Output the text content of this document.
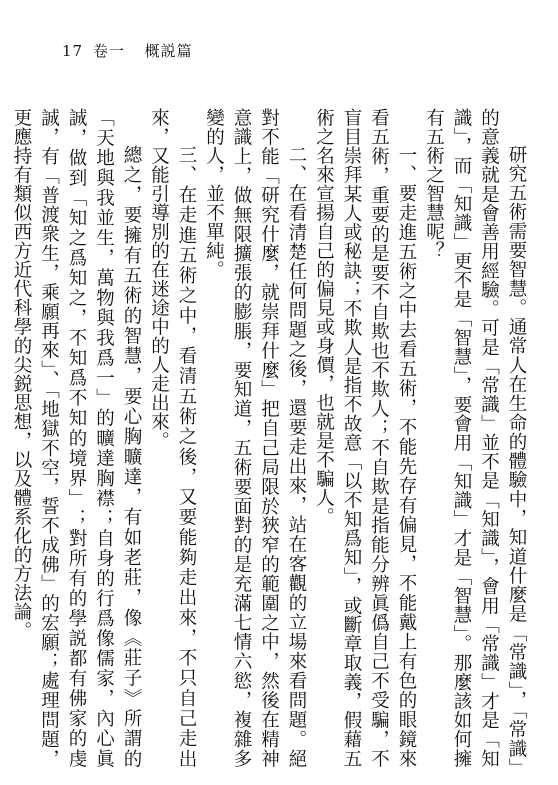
17 卷一 概説篇

研究五術需要智慧。通常人在生命的體驗中，知道什麼是「常識」，「常識」的意義就是會善用經驗。可是「常識」並不是「知識」，會用「常識」才是「知識」，而「知識」更不是「智慧」，要會用「知識」才是「智慧」。那麼該如何擁有五術之智慧呢？

一、要走進五術之中去看五術，不能先存有偏見，不能戴上有色的眼鏡來看五術，重要的是要不自欺也不欺人；不自欺是指能分辨眞僞自己不受騙，不盲目崇拜某人或秘訣；不欺人是指不故意「以不知爲知」，或斷章取義，假藉五術之名來宣揚自己的偏見或身價，也就是不騙人。

二、在看清楚任何問題之後，還要走出來，站在客觀的立場來看問題。絕對不能「研究什麼，就崇拜什麼」把自己局限於狹窄的範圍之中，然後在精神意識上，做無限擴張的膨脹，要知道，五術要面對的是充滿七情六慾，複雜多變的人，並不單純。

三、在走進五術之中，看清五術之後，又要能夠走出來，不只自己走出來，又能引導別的在迷途中的人走出來。

總之，要擁有五術的智慧，要心胸曠達，有如老莊，像《莊子》所謂的「天地與我並生，萬物與我爲一」的曠達胸襟；自身的行爲像儒家，內心眞誠，做到「知之爲知之，不知爲不知的境界」；對所有的學説都有佛家的虔誠，有「普渡衆生，乘願再來」、「地獄不空，誓不成佛」的宏願；處理問題，更應持有類似西方近代科學的尖鋭思想，以及體系化的方法論。
